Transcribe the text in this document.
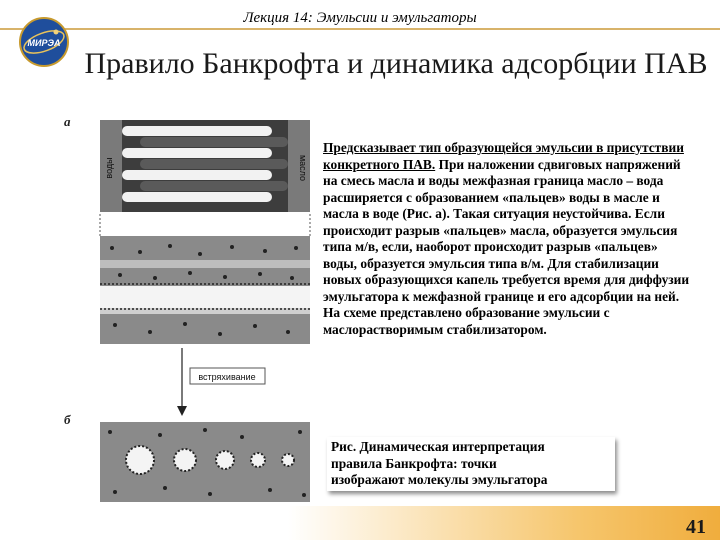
Лекция 14: Эмульсии и эмульгаторы
МИРЭА
Правило Банкрофта и динамика адсорбции ПАВ
а
воды	масло
встряхивание
б

Предсказывает тип образующейся эмульсии в присутствии конкретного ПАВ. При наложении сдвиговых напряжений на смесь масла и воды межфазная граница масло – вода расширяется с образованием «пальцев» воды в масле и масла в воде (Рис. а). Такая ситуация неустойчива. Если происходит разрыв «пальцев» масла, образуется эмульсия типа м/в, если, наоборот происходит разрыв «пальцев» воды, образуется эмульсия типа в/м. Для стабилизации новых образующихся капель требуется время для диффузии эмульгатора к межфазной границе и его адсорбции на ней.

На схеме представлено образование эмульсии с маслорастворимым стабилизатором.

Рис. Динамическая интерпретация
правила Банкрофта: точки
изображают молекулы эмульгатора
41
